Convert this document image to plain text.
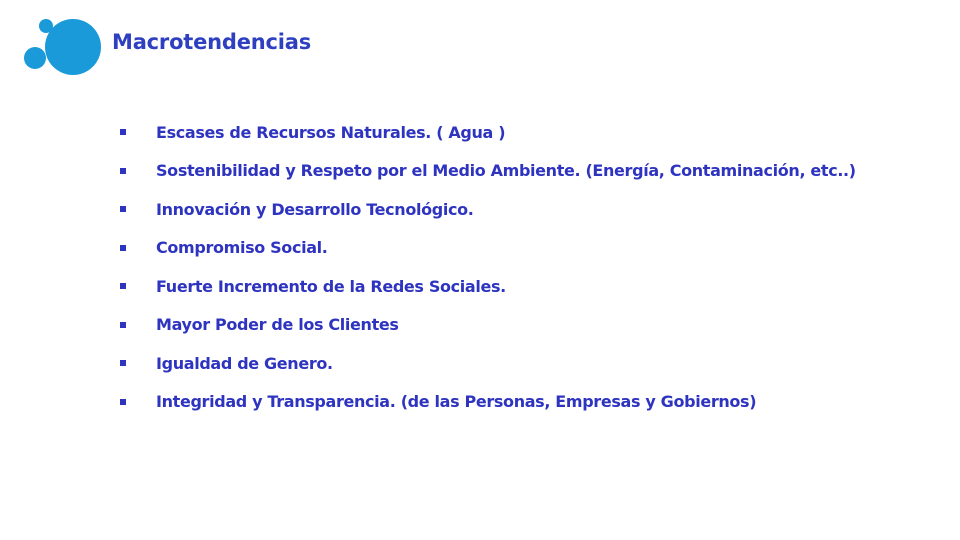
Macrotendencias
Escases de Recursos Naturales. ( Agua )
Sostenibilidad y Respeto por el Medio Ambiente. (Energía, Contaminación, etc..)
Innovación y Desarrollo Tecnológico.
Compromiso Social.
Fuerte Incremento de la Redes Sociales.
Mayor Poder de los Clientes
Igualdad de Genero.
Integridad y Transparencia. (de las Personas, Empresas y Gobiernos)
